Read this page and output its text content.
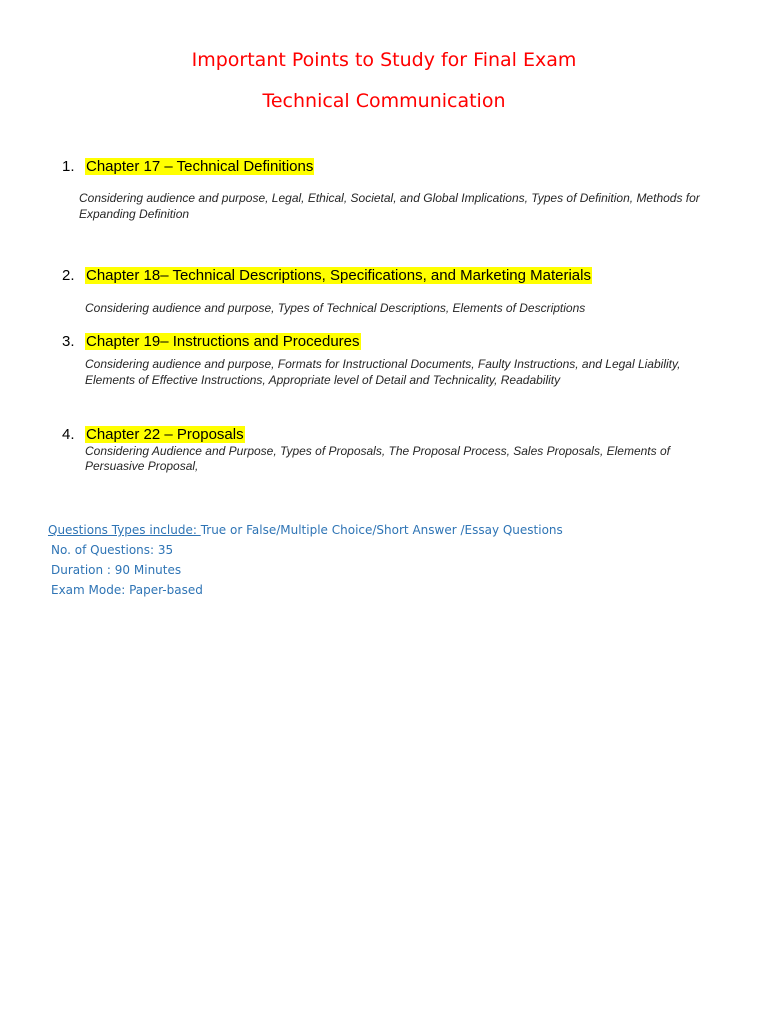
Important Points to Study for Final Exam
Technical Communication
1. Chapter 17 – Technical Definitions
Considering audience and purpose, Legal, Ethical, Societal, and Global Implications, Types of Definition, Methods for Expanding Definition
2. Chapter 18– Technical Descriptions, Specifications, and Marketing Materials
Considering audience and purpose, Types of Technical Descriptions, Elements of Descriptions
3. Chapter 19– Instructions and Procedures
Considering audience and purpose, Formats for Instructional Documents, Faulty Instructions, and Legal Liability, Elements of Effective Instructions, Appropriate level of Detail and Technicality, Readability
4. Chapter 22 – Proposals
Considering Audience and Purpose, Types of Proposals, The Proposal Process, Sales Proposals, Elements of Persuasive Proposal,
Questions Types include: True or False/Multiple Choice/Short Answer /Essay Questions
No. of Questions: 35
Duration : 90 Minutes
Exam Mode: Paper-based
